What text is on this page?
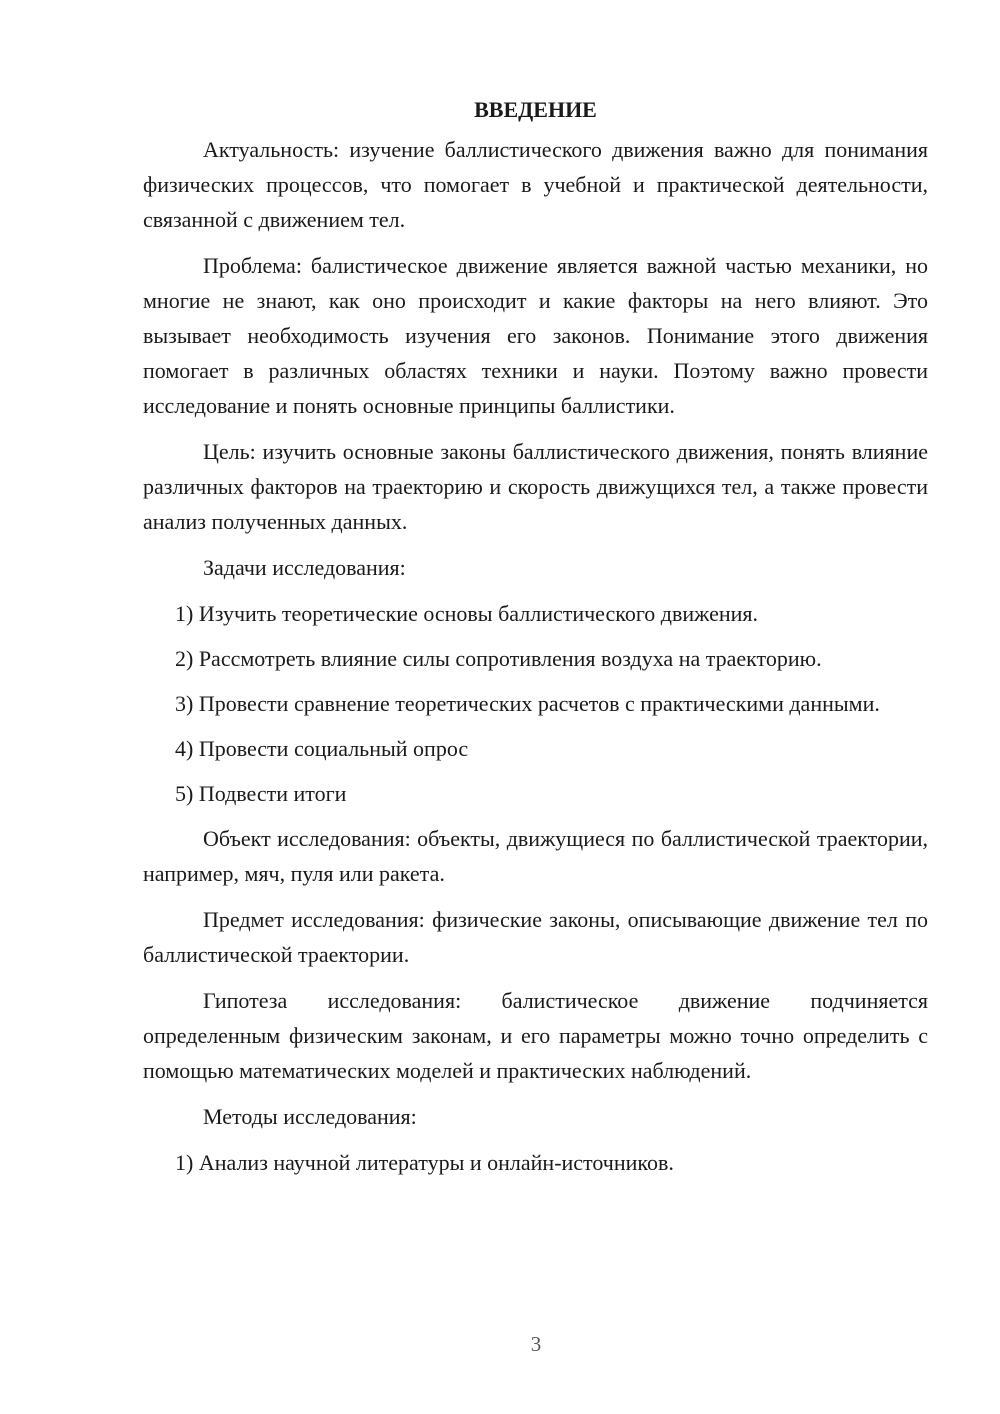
ВВЕДЕНИЕ
Актуальность: изучение баллистического движения важно для понимания физических процессов, что помогает в учебной и практической деятельности, связанной с движением тел.
Проблема: балистическое движение является важной частью механики, но многие не знают, как оно происходит и какие факторы на него влияют. Это вызывает необходимость изучения его законов. Понимание этого движения помогает в различных областях техники и науки. Поэтому важно провести исследование и понять основные принципы баллистики.
Цель: изучить основные законы баллистического движения, понять влияние различных факторов на траекторию и скорость движущихся тел, а также провести анализ полученных данных.
Задачи исследования:
1) Изучить теоретические основы баллистического движения.
2) Рассмотреть влияние силы сопротивления воздуха на траекторию.
3) Провести сравнение теоретических расчетов с практическими данными.
4) Провести социальный опрос
5) Подвести итоги
Объект исследования: объекты, движущиеся по баллистической траектории, например, мяч, пуля или ракета.
Предмет исследования: физические законы, описывающие движение тел по баллистической траектории.
Гипотеза исследования: балистическое движение подчиняется определенным физическим законам, и его параметры можно точно определить с помощью математических моделей и практических наблюдений.
Методы исследования:
1) Анализ научной литературы и онлайн-источников.
3
